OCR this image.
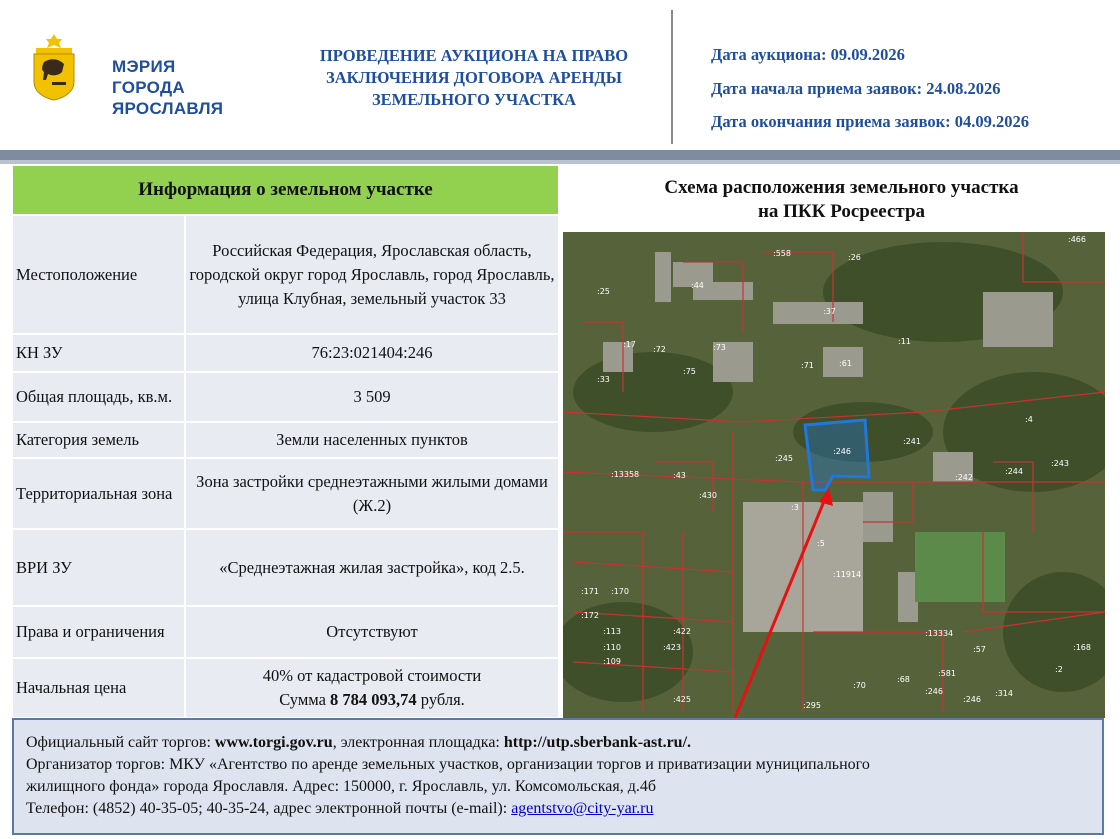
МЭРИЯ ГОРОДА
ЯРОСЛАВЛЯ
ПРОВЕДЕНИЕ АУКЦИОНА НА ПРАВО
ЗАКЛЮЧЕНИЯ ДОГОВОРА АРЕНДЫ
ЗЕМЕЛЬНОГО УЧАСТКА
Дата аукциона: 09.09.2026
Дата начала приема заявок: 24.08.2026
Дата окончания приема заявок: 04.09.2026
Информация о земельном участке	
Местоположение	Российская Федерация, Ярославская область, городской округ город Ярославль, город Ярославль, улица Клубная, земельный участок 33
КН ЗУ	76:23:021404:246
Общая площадь, кв.м.	3 509
Категория земель	Земли населенных пунктов
Территориальная зона	Зона застройки среднеэтажными жилыми домами (Ж.2)
ВРИ ЗУ	«Среднеэтажная жилая застройка», код 2.5.
Права и ограничения	Отсутствуют
Начальная цена	40% от кадастровой стоимости
Сумма 8 784 093,74 рубля.
Схема расположения земельного участка
на ПКК Росреестра
:466
:558	:26
:25
:44
:37
:17
:72	:73
:11
:75
:71	:61
:33
:4
:245
:246
:241
:243
:13358	:43
:430
:242
:244
:3
:5
:11914
:171 :170
:172
:113
:110
:109
:422
:423
:425
:13334
:246
:70
:68
:581
:246
:314
:57	:168
:2
:295
Официальный сайт торгов: www.torgi.gov.ru, электронная площадка: http://utp.sberbank-ast.ru/.
Организатор торгов: МКУ «Агентство по аренде земельных участков, организации торгов и приватизации муниципального
жилищного фонда» города Ярославля. Адрес: 150000, г. Ярославль, ул. Комсомольская, д.4б
Телефон: (4852) 40-35-05; 40-35-24, адрес электронной почты (e-mail): agentstvo@city-yar.ru
